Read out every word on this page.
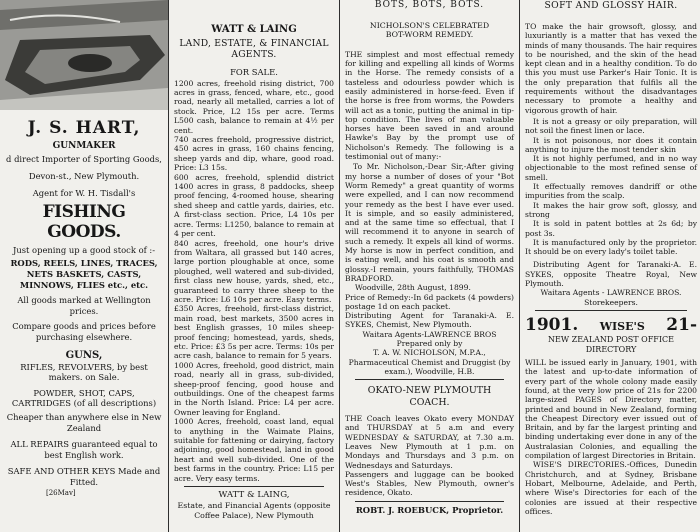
J. S. HART,

GUNMAKER

d direct Importer of Sporting Goods,

Devon-st., New Plymouth.

Agent for W. H. Tisdall's

FISHING GOODS.

Just opening up a good stock of :-

RODS, REELS, LINES, TRACES, NETS BASKETS, CASTS, MINNOWS, FLIES etc., etc.

All goods marked at Wellington prices.

Compare goods and prices before purchasing elsewhere.

GUNS,

RIFLES, REVOLVERS, by best makers. on Sale.

POWDER, SHOT, CAPS, CARTRIDGES (of all descriptions)

Cheaper than anywhere else in New Zealand

ALL REPAIRS guaranteed equal to best English work.

SAFE AND OTHER KEYS Made and Fitted.

[26Mav]

WATT & LAING

LAND, ESTATE, & FINANCIAL AGENTS.

FOR SALE.

1200 acres, freehold rising district, 700 acres in grass, fenced, whare, etc., good road, nearly all metalled, carries a lot of stock. Price, L2 15s per acre. Terms L500 cash, balance to remain at 4½ per cent.

740 acres freehold, progressive district, 450 acres in grass, 160 chains fencing, sheep yards and dip, whare, good road. Price: L3 15s.

600 acres, freehold, splendid district 1400 acres in grass, 8 paddocks, sheep proof fencing, 4-roomed house, shearing shed sheep and cattle yards, dairies, etc. A first-class section. Price, L4 10s per acre. Terms: L1250, balance to remain at 4 per cent.

840 acres, freehold, one hour's drive from Waltara, all grassed but 140 acres, large portion ploughable at once, some ploughed, well watered and sub-divided, first class new house, yards, shed, etc., guaranteed to carry three sheep to the acre. Price: L6 10s per acre. Easy terms.

£350 Acres, freehold, first-class district, main road, best markets, 3500 acres in best English grasses, 10 miles sheep-proof fencing; homestead, yards, sheds, etc. Price: £3 5s per acre. Terms: 10s per acre cash, balance to remain for 5 years.

1000 Acres, freehold, good district, main road, nearly all in grass, sub-divided, sheep-proof fencing, good house and outbuildings. One of the cheapest farms in the North Island. Price: L4 per acre. Owner leaving for England.

1000 Acres, freehold, coast land, equal to anything in the Waimate Plains, suitable for fattening or dairying, factory adjoining, good homestead, land in good heart and well sub-divided. One of the best farms in the country. Price: L15 per acre. Very easy terms.

WATT & LAING,

Estate, and Financial Agents (opposite Coffee Palace), New Plymouth

BOTS, BOTS, BOTS.

NICHOLSON'S CELEBRATED BOT-WORM REMEDY.

THE simplest and most effectual remedy for killing and expelling all kinds of Worms in the Horse. The remedy consists of a tasteless and odourless powder which is easily administered in horse-feed. Even if the horse is free from worms, the Powders will act as a tonic, putting the animal in tip-top condition. The lives of man valuable horses have been saved in and around Hawke's Bay by the prompt use of Nicholson's Remedy. The following is a testimonial out of many:-

To Mr. Nicholson,-Dear Sir,-After giving my horse a number of doses of your "Bot Worm Remedy" a great quantity of worms were expelled, and I can now recommend your remedy as the best I have ever used. It is simple, and so easily administered, and at the same time so effectual, that I will recommend it to anyone in search of such a remedy. It expels all kind of worms. My horse is now in perfect condition, and is eating well, and his coat is smooth and glossy.-I remain, yours faithfully, THOMAS BRADFORD.

Woodville, 28th August, 1899.

Price of Remedy:-In 6d packets (4 powders) postage 1d on each packet.

Distributing Agent for Taranaki-A. E. SYKES, Chemist, New Plymouth.

Waitara Agents-LAWRENCE BROS

Prepared only by

T. A. W. NICHOLSON, M.P.A., Pharmaceutical Chemist and Druggist (by exam.), Woodville, H.B.

OKATO-NEW PLYMOUTH COACH.

THE Coach leaves Okato every MONDAY and THURSDAY at 5 a.m and every WEDNESDAY & SATURDAY, at 7.30 a.m. Leaves New Plymouth at 1 p.m. on Mondays and Thursdays and 3 p.m. on Wednesdays and Saturdays.

Passengers and luggage can be booked West's Stables, New Plymouth, owner's residence, Okato.

ROBT. J. ROEBUCK, Proprietor.

SOFT AND GLOSSY HAIR.

TO make the hair growsoft, glossy, and luxuriantly is a matter that has vexed the minds of many thousands. The hair requires to be nourished, and the skin of the head kept clean and in a healthy condition. To do this you must use Parker's Hair Tonic. It is the only preparation that fulfils all the requirements without the disadvantages necessary to promote a healthy and vigorous growth of hair.

It is not a greasy or oily preparation, will not soil the finest linen or lace.

It is not poisonous, nor does it contain anything to injure the most tender skin

It is not highly perfumed, and in no way objectionable to the most refined sense of smell.

It effectually removes dandriff or othe impurities from the scalp.

It makes the hair grow soft, glossy, and strong

It is sold in patent bottles at 2s 6d; by post 3s.

It is manufactured only by the proprietor. It should be on every lady's toilet table.

Distributing Agent for Taranaki-A. E. SYKES, opposite Theatre Royal, New Plymouth.

Waitara Agents - LAWRENCE BROS. Storekeepers.

1901. WISE'S 21-

NEW ZEALAND POST OFFICE DIRECTORY

WILL be issued early in January, 1901, with the latest and up-to-date information of every part of the whole colony made easily found, at the very low price of 21s for 2200 large-sized PAGES of Directory matter, printed and bound in New Zealand, forming the Cheapest Directory ever issued out of Britain, and by far the largest printing and binding undertaking ever done in any of the Australasian Colonies, and equalling the compilation of largest Directories in Britain.

WISE'S DIRECTORIES.-Offices, Dunedin Christchurch, and at Sydney, Brisbane Hobart, Melbourne, Adelaide, and Perth, where Wise's Directories for each of the colonies are issued at their respective offices.
